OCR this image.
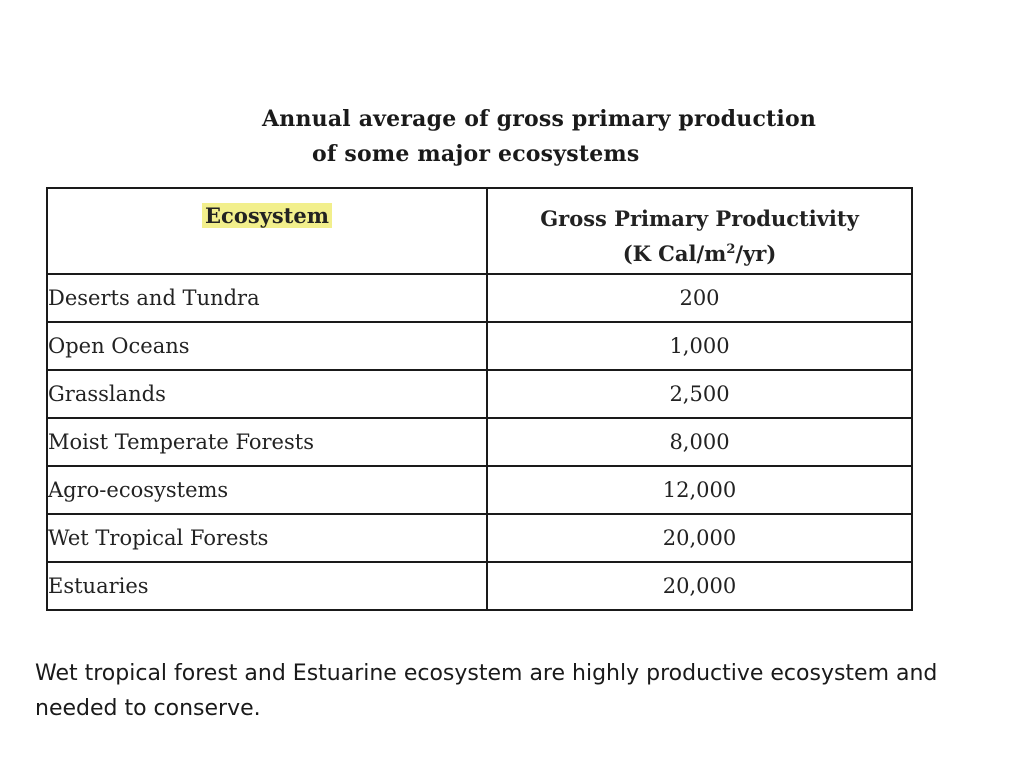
Annual average of gross primary production
of some major ecosystems
Ecosystem	Gross Primary Productivity
(K Cal/$m^2/yr$)
Deserts and Tundra	200
Open Oceans	1,000
Grasslands	2,500
Moist Temperate Forests	8,000
Agro-ecosystems	12,000
Wet Tropical Forests	20,000
Estuaries	20,000
Wet tropical forest and Estuarine ecosystem are highly productive ecosystem and needed to conserve.
